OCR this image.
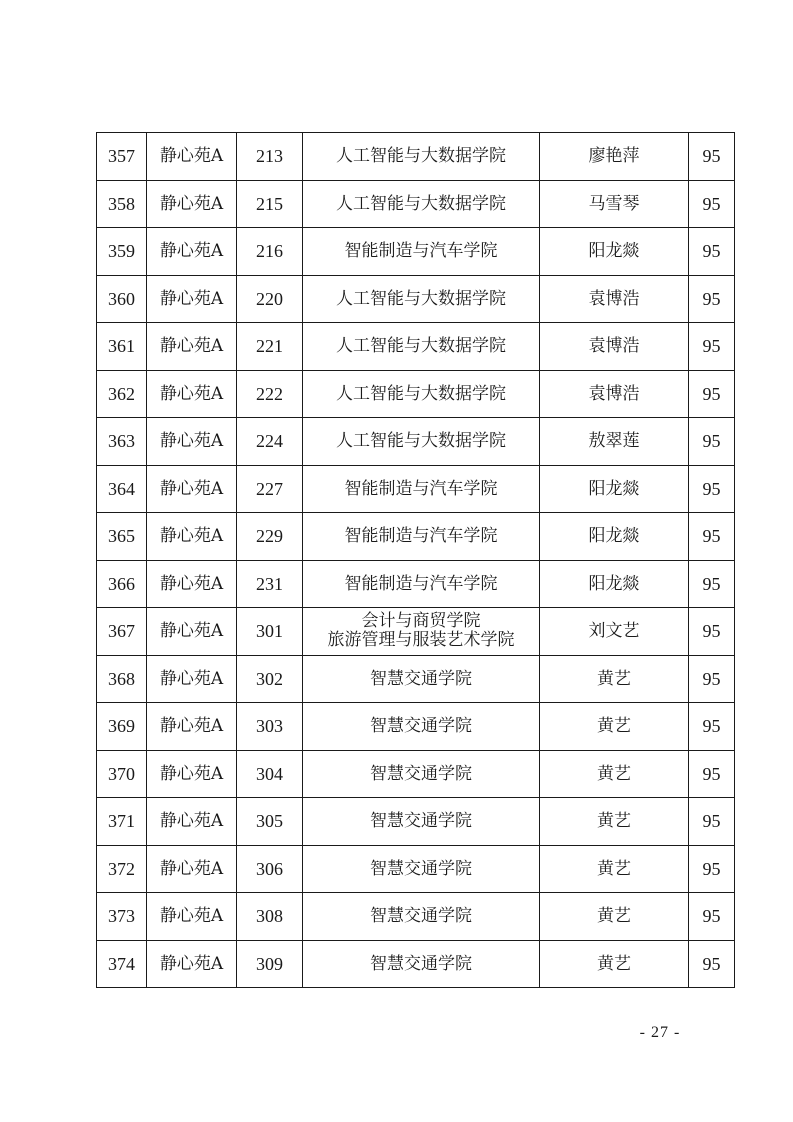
357	静心苑A	213	人工智能与大数据学院	廖艳萍	95
358	静心苑A	215	人工智能与大数据学院	马雪琴	95
359	静心苑A	216	智能制造与汽车学院	阳龙燚	95
360	静心苑A	220	人工智能与大数据学院	袁博浩	95
361	静心苑A	221	人工智能与大数据学院	袁博浩	95
362	静心苑A	222	人工智能与大数据学院	袁博浩	95
363	静心苑A	224	人工智能与大数据学院	敖翠莲	95
364	静心苑A	227	智能制造与汽车学院	阳龙燚	95
365	静心苑A	229	智能制造与汽车学院	阳龙燚	95
366	静心苑A	231	智能制造与汽车学院	阳龙燚	95
367	静心苑A	301	会计与商贸学院
旅游管理与服装艺术学院	刘文艺	95
368	静心苑A	302	智慧交通学院	黄艺	95
369	静心苑A	303	智慧交通学院	黄艺	95
370	静心苑A	304	智慧交通学院	黄艺	95
371	静心苑A	305	智慧交通学院	黄艺	95
372	静心苑A	306	智慧交通学院	黄艺	95
373	静心苑A	308	智慧交通学院	黄艺	95
374	静心苑A	309	智慧交通学院	黄艺	95
- 27 -
